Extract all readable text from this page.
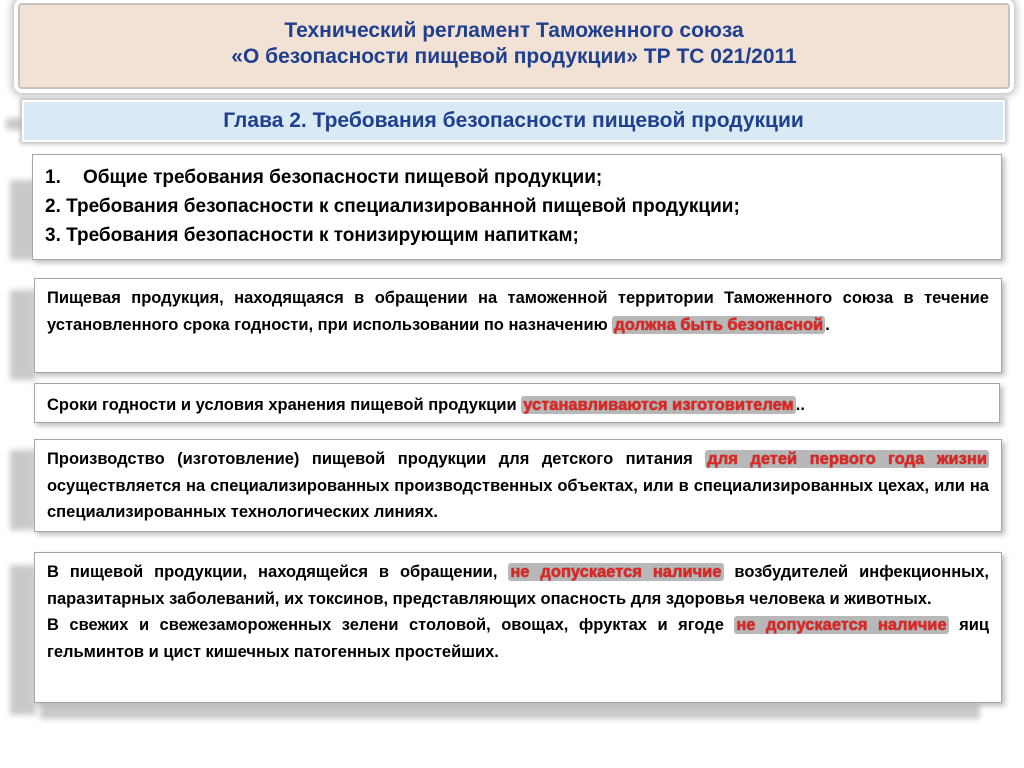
Технический регламент Таможенного союза
«О безопасности пищевой продукции» ТР ТС 021/2011
Глава 2. Требования безопасности пищевой продукции
1. Общие требования безопасности пищевой продукции;
2. Требования безопасности к специализированной пищевой продукции;
3. Требования безопасности к тонизирующим напиткам;
Пищевая продукция, находящаяся в обращении на таможенной территории Таможенного союза в течение установленного срока годности, при использовании по назначению должна быть безопасной .
Сроки годности и условия хранения пищевой продукции устанавливаются изготовителем ..
Производство (изготовление) пищевой продукции для детского питания для детей первого года жизни осуществляется на специализированных производственных объектах, или в специализированных цехах, или на специализированных технологических линиях.
В пищевой продукции, находящейся в обращении, не допускается наличие возбудителей инфекционных, паразитарных заболеваний, их токсинов, представляющих опасность для здоровья человека и животных.
В свежих и свежезамороженных зелени столовой, овощах, фруктах и ягоде не допускается наличие яиц гельминтов и цист кишечных патогенных простейших.
